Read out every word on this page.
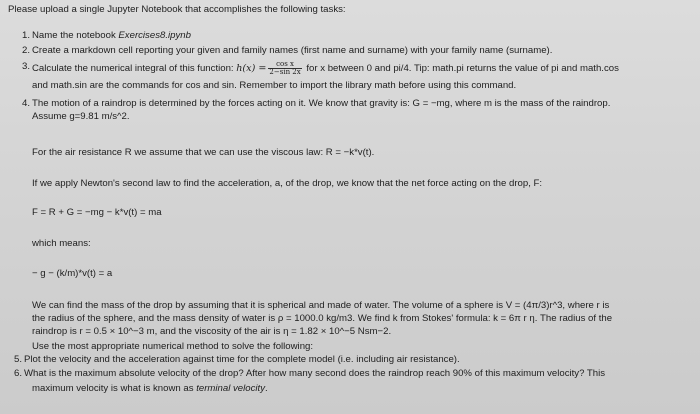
Please upload a single Jupyter Notebook that accomplishes the following tasks:
1. Name the notebook Exercises8.ipynb
2. Create a markdown cell reporting your given and family names (first name and surname) with your family name (surname).
3. Calculate the numerical integral of this function: $h(x) = \frac{\text{cos x}}{2-\sin 2x}$ for x between 0 and pi/4. Tip: math.pi returns the value of pi and math.cos
and math.sin are the commands for cos and sin. Remember to import the library math before using this command.
4. The motion of a raindrop is determined by the forces acting on it. We know that gravity is: G = −mg, where m is the mass of the raindrop.
Assume g=9.81 m/s^2.
For the air resistance R we assume that we can use the viscous law: R = −k*v(t).
If we apply Newton's second law to find the acceleration, a, of the drop, we know that the net force acting on the drop, F:
F = R + G = −mg − k*v(t) = ma
which means:
− g − (k/m)*v(t) = a
We can find the mass of the drop by assuming that it is spherical and made of water. The volume of a sphere is V = (4π/3)r^3, where r is
the radius of the sphere, and the mass density of water is ρ = 1000.0 kg/m3. We find k from Stokes' formula: k = 6π r η. The radius of the
raindrop is r = 0.5 × 10^−3 m, and the viscosity of the air is η = 1.82 × 10^−5 Nsm−2.
Use the most appropriate numerical method to solve the following:
5. Plot the velocity and the acceleration against time for the complete model (i.e. including air resistance).
6. What is the maximum absolute velocity of the drop? After how many second does the raindrop reach 90% of this maximum velocity? This
maximum velocity is what is known as terminal velocity.
